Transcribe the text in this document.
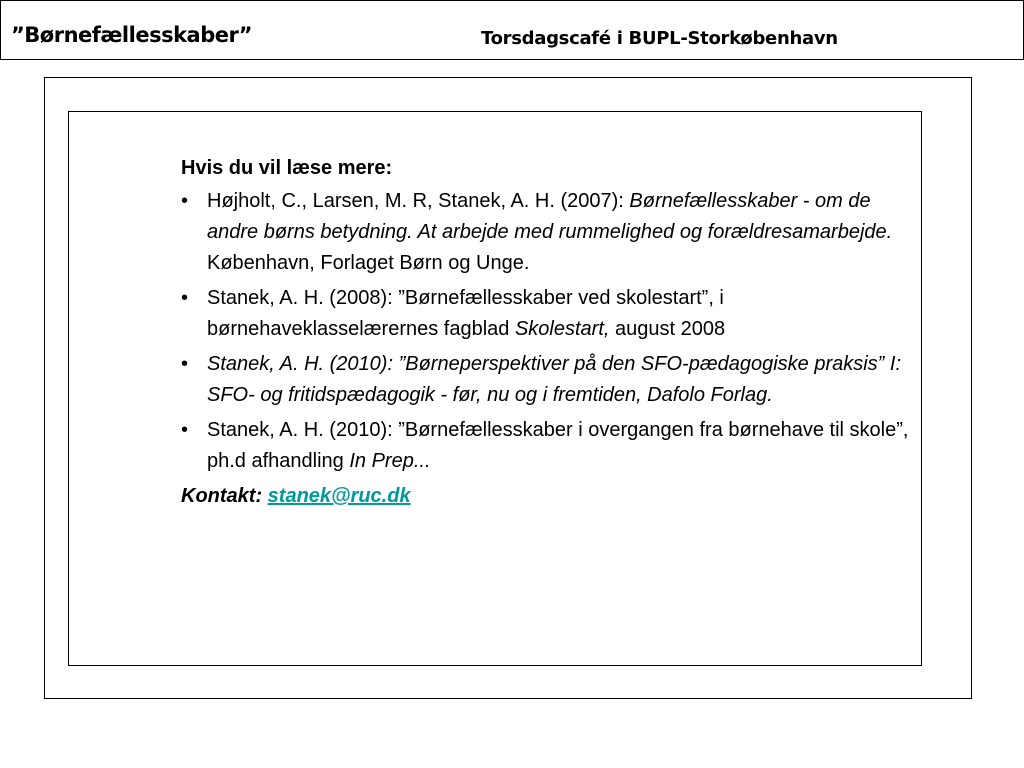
”Børnefællesskaber”	Torsdagscafé i BUPL-Storkøbenhavn
Hvis du vil læse mere:
• Højholt, C., Larsen, M. R, Stanek, A. H. (2007): Børnefællesskaber - om de andre børns betydning. At arbejde med rummelighed og forældresamarbejde. København, Forlaget Børn og Unge.
• Stanek, A. H. (2008): ”Børnefællesskaber ved skolestart”, i børnehaveklasselærernes fagblad Skolestart, august 2008
• Stanek, A. H. (2010): ”Børneperspektiver på den SFO-pædagogiske praksis” I: SFO- og fritidspædagogik - før, nu og i fremtiden, Dafolo Forlag.
• Stanek, A. H. (2010): ”Børnefællesskaber i overgangen fra børnehave til skole”, ph.d afhandling In Prep...
Kontakt: stanek@ruc.dk
